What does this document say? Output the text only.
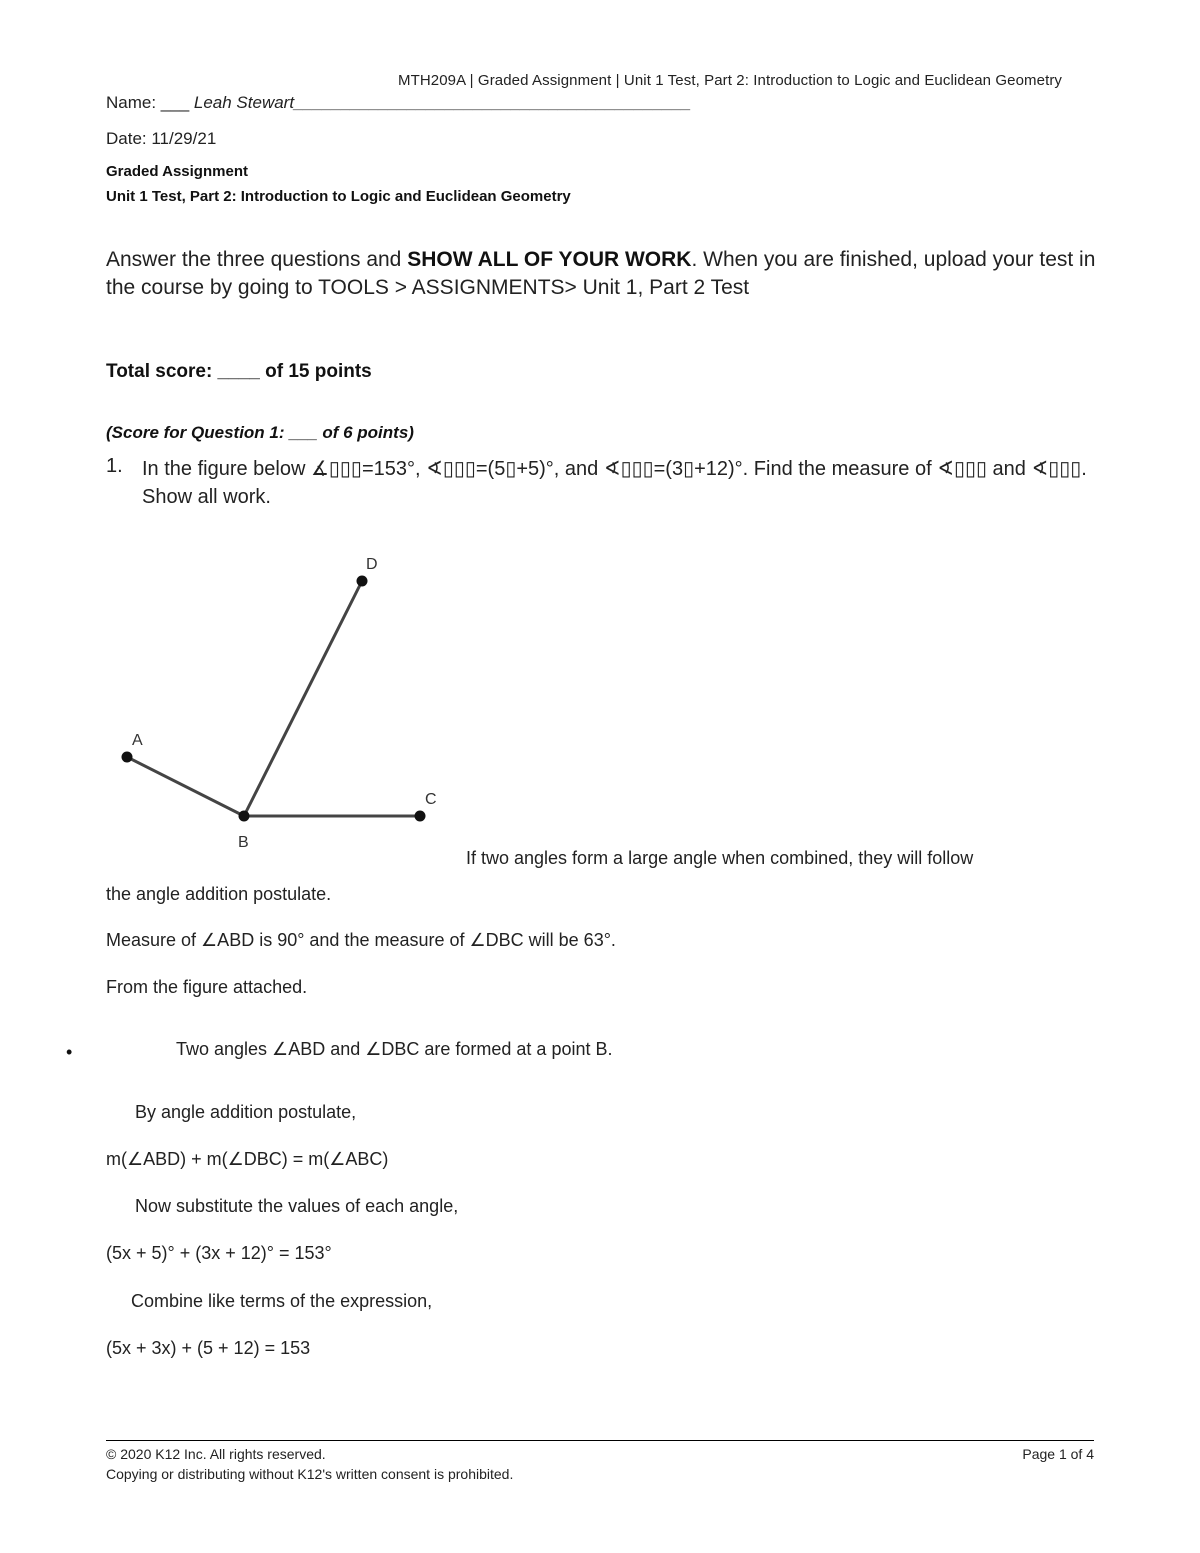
MTH209A | Graded Assignment | Unit 1 Test, Part 2: Introduction to Logic and Euclidean Geometry
Name: ___ Leah Stewart__________________________________________
Date: 11/29/21
Graded Assignment
Unit 1 Test, Part 2: Introduction to Logic and Euclidean Geometry
Answer the three questions and SHOW ALL OF YOUR WORK. When you are finished, upload your test in the course by going to TOOLS > ASSIGNMENTS> Unit 1, Part 2 Test
Total score: ____ of 15 points
(Score for Question 1: ___ of 6 points)
1. In the figure below ∡▯▯▯=153°, ∢▯▯▯=(5▯+5)°, and ∢▯▯▯=(3▯+12)°. Find the measure of ∢▯▯▯ and ∢▯▯▯. Show all work.
A
B
C
D
If two angles form a large angle when combined, they will follow
the angle addition postulate.
Measure of ∠ABD is 90° and the measure of ∠DBC will be 63°.
From the figure attached.
•	Two angles ∠ABD and ∠DBC are formed at a point B.
By angle addition postulate,
m(∠ABD) + m(∠DBC) = m(∠ABC)
Now substitute the values of each angle,
(5x + 5)° + (3x + 12)° = 153°
Combine like terms of the expression,
(5x + 3x) + (5 + 12) = 153
© 2020 K12 Inc. All rights reserved.
Copying or distributing without K12's written consent is prohibited.
Page 1 of 4
